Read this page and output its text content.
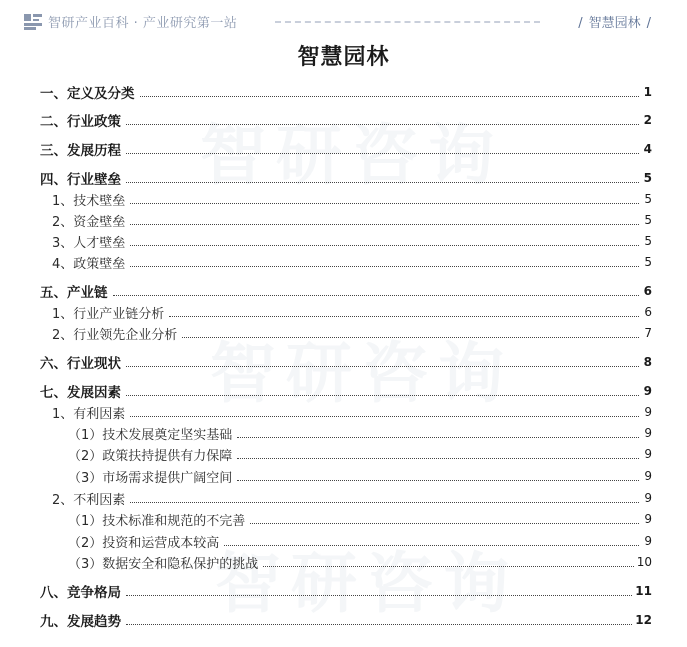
智研咨询
智研咨询
智研咨询
智研产业百科 · 产业研究第一站	/ 智慧园林 /
智慧园林
一、定义及分类	1
二、行业政策	2
三、发展历程	4
四、行业壁垒	5
1、技术壁垒	5
2、资金壁垒	5
3、人才壁垒	5
4、政策壁垒	5
五、产业链	6
1、行业产业链分析	6
2、行业领先企业分析	7
六、行业现状	8
七、发展因素	9
1、有利因素	9
（1）技术发展奠定坚实基础	9
（2）政策扶持提供有力保障	9
（3）市场需求提供广阔空间	9
2、不利因素	9
（1）技术标准和规范的不完善	9
（2）投资和运营成本较高	9
（3）数据安全和隐私保护的挑战	10
八、竞争格局	11
九、发展趋势	12
